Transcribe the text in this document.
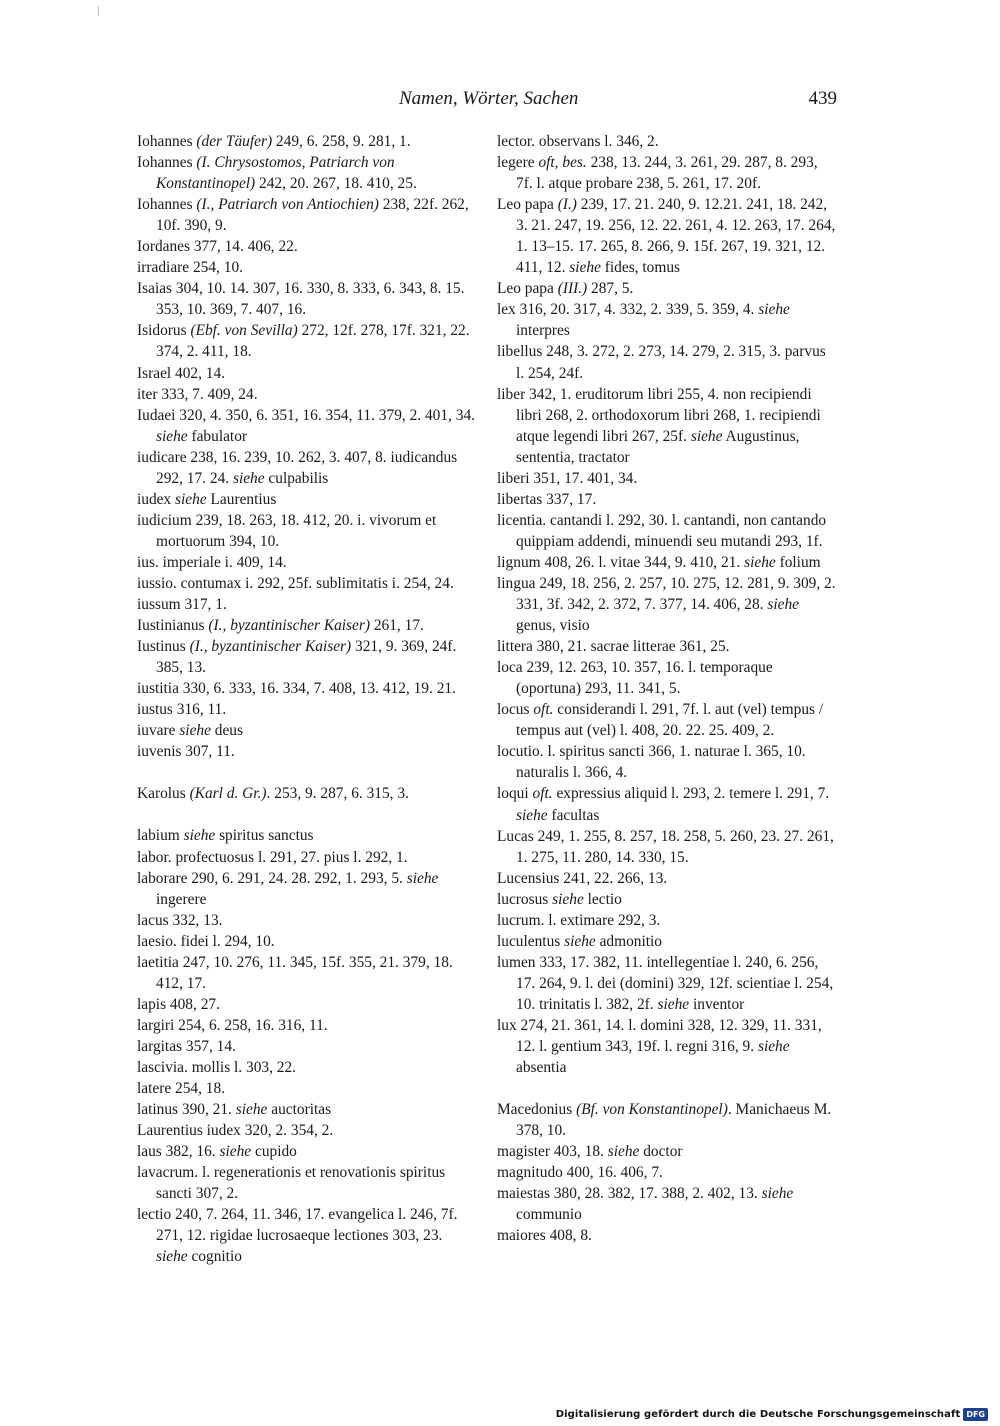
Namen, Wörter, Sachen	439
Iohannes (der Täufer) 249, 6. 258, 9. 281, 1.
Iohannes (I. Chrysostomos, Patriarch von Konstantinopel) 242, 20. 267, 18. 410, 25.
Iohannes (I., Patriarch von Antiochien) 238, 22f. 262, 10f. 390, 9.
Iordanes 377, 14. 406, 22.
irradiare 254, 10.
Isaias 304, 10. 14. 307, 16. 330, 8. 333, 6. 343, 8. 15. 353, 10. 369, 7. 407, 16.
Isidorus (Ebf. von Sevilla) 272, 12f. 278, 17f. 321, 22. 374, 2. 411, 18.
Israel 402, 14.
iter 333, 7. 409, 24.
Iudaei 320, 4. 350, 6. 351, 16. 354, 11. 379, 2. 401, 34. siehe fabulator
iudicare 238, 16. 239, 10. 262, 3. 407, 8. iudicandus 292, 17. 24. siehe culpabilis
iudex siehe Laurentius
iudicium 239, 18. 263, 18. 412, 20. i. vivorum et mortuorum 394, 10.
ius. imperiale i. 409, 14.
iussio. contumax i. 292, 25f. sublimitatis i. 254, 24.
iussum 317, 1.
Iustinianus (I., byzantinischer Kaiser) 261, 17.
Iustinus (I., byzantinischer Kaiser) 321, 9. 369, 24f. 385, 13.
iustitia 330, 6. 333, 16. 334, 7. 408, 13. 412, 19. 21.
iustus 316, 11.
iuvare siehe deus
iuvenis 307, 11.
Karolus (Karl d. Gr.). 253, 9. 287, 6. 315, 3.
labium siehe spiritus sanctus
labor. profectuosus l. 291, 27. pius l. 292, 1.
laborare 290, 6. 291, 24. 28. 292, 1. 293, 5. siehe ingerere
lacus 332, 13.
laesio. fidei l. 294, 10.
laetitia 247, 10. 276, 11. 345, 15f. 355, 21. 379, 18. 412, 17.
lapis 408, 27.
largiri 254, 6. 258, 16. 316, 11.
largitas 357, 14.
lascivia. mollis l. 303, 22.
latere 254, 18.
latinus 390, 21. siehe auctoritas
Laurentius iudex 320, 2. 354, 2.
laus 382, 16. siehe cupido
lavacrum. l. regenerationis et renovationis spiritus sancti 307, 2.
lectio 240, 7. 264, 11. 346, 17. evangelica l. 246, 7f. 271, 12. rigidae lucrosaeque lectiones 303, 23. siehe cognitio
lector. observans l. 346, 2.
legere oft, bes. 238, 13. 244, 3. 261, 29. 287, 8. 293, 7f. l. atque probare 238, 5. 261, 17. 20f.
Leo papa (I.) 239, 17. 21. 240, 9. 12.21. 241, 18. 242, 3. 21. 247, 19. 256, 12. 22. 261, 4. 12. 263, 17. 264, 1. 13–15. 17. 265, 8. 266, 9. 15f. 267, 19. 321, 12. 411, 12. siehe fides, tomus
Leo papa (III.) 287, 5.
lex 316, 20. 317, 4. 332, 2. 339, 5. 359, 4. siehe interpres
libellus 248, 3. 272, 2. 273, 14. 279, 2. 315, 3. parvus l. 254, 24f.
liber 342, 1. eruditorum libri 255, 4. non recipiendi libri 268, 2. orthodoxorum libri 268, 1. recipiendi atque legendi libri 267, 25f. siehe Augustinus, sententia, tractator
liberi 351, 17. 401, 34.
libertas 337, 17.
licentia. cantandi l. 292, 30. l. cantandi, non cantando quippiam addendi, minuendi seu mutandi 293, 1f.
lignum 408, 26. l. vitae 344, 9. 410, 21. siehe folium
lingua 249, 18. 256, 2. 257, 10. 275, 12. 281, 9. 309, 2. 331, 3f. 342, 2. 372, 7. 377, 14. 406, 28. siehe genus, visio
littera 380, 21. sacrae litterae 361, 25.
loca 239, 12. 263, 10. 357, 16. l. temporaque (oportuna) 293, 11. 341, 5.
locus oft. considerandi l. 291, 7f. l. aut (vel) tempus / tempus aut (vel) l. 408, 20. 22. 25. 409, 2.
locutio. l. spiritus sancti 366, 1. naturae l. 365, 10. naturalis l. 366, 4.
loqui oft. expressius aliquid l. 293, 2. temere l. 291, 7. siehe facultas
Lucas 249, 1. 255, 8. 257, 18. 258, 5. 260, 23. 27. 261, 1. 275, 11. 280, 14. 330, 15.
Lucensius 241, 22. 266, 13.
lucrosus siehe lectio
lucrum. l. extimare 292, 3.
luculentus siehe admonitio
lumen 333, 17. 382, 11. intellegentiae l. 240, 6. 256, 17. 264, 9. l. dei (domini) 329, 12f. scientiae l. 254, 10. trinitatis l. 382, 2f. siehe inventor
lux 274, 21. 361, 14. l. domini 328, 12. 329, 11. 331, 12. l. gentium 343, 19f. l. regni 316, 9. siehe absentia
Macedonius (Bf. von Konstantinopel). Manichaeus M. 378, 10.
magister 403, 18. siehe doctor
magnitudo 400, 16. 406, 7.
maiestas 380, 28. 382, 17. 388, 2. 402, 13. siehe communio
maiores 408, 8.
Digitalisierung gefördert durch die Deutsche Forschungsgemeinschaft DFG
